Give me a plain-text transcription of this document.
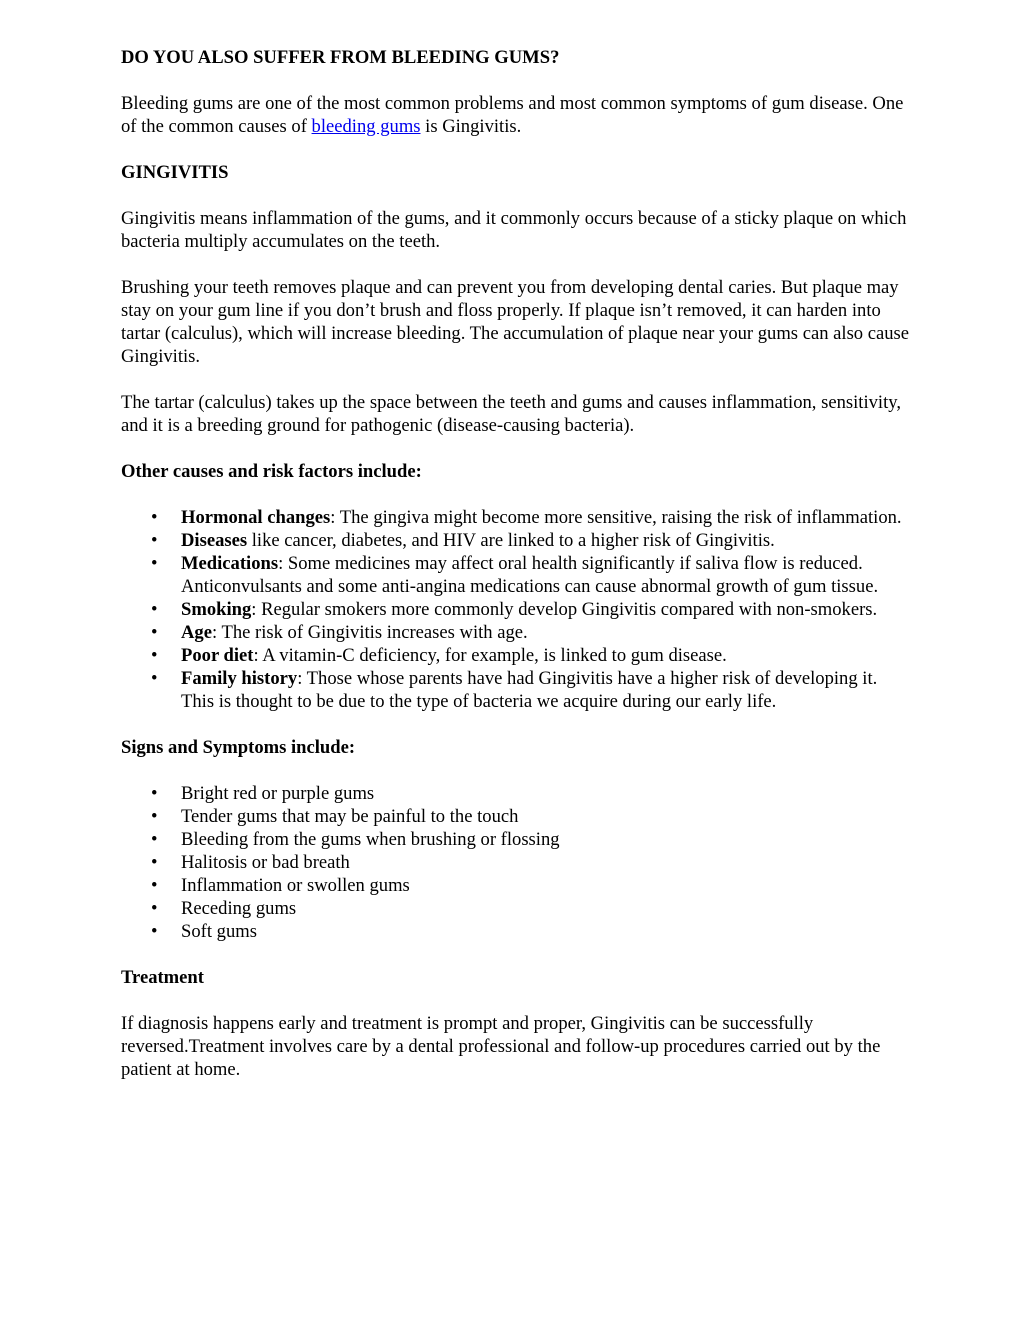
DO YOU ALSO SUFFER FROM BLEEDING GUMS?

Bleeding gums are one of the most common problems and most common symptoms of gum disease. One of the common causes of bleeding gums is Gingivitis.

GINGIVITIS

Gingivitis means inflammation of the gums, and it commonly occurs because of a sticky plaque on which bacteria multiply accumulates on the teeth.

Brushing your teeth removes plaque and can prevent you from developing dental caries. But plaque may stay on your gum line if you don’t brush and floss properly. If plaque isn’t removed, it can harden into tartar (calculus), which will increase bleeding. The accumulation of plaque near your gums can also cause Gingivitis.

The tartar (calculus) takes up the space between the teeth and gums and causes inflammation, sensitivity, and it is a breeding ground for pathogenic (disease-causing bacteria).

Other causes and risk factors include:
•	Hormonal changes: The gingiva might become more sensitive, raising the risk of inflammation.
•	Diseases like cancer, diabetes, and HIV are linked to a higher risk of Gingivitis.
•	Medications: Some medicines may affect oral health significantly if saliva flow is reduced. Anticonvulsants and some anti-angina medications can cause abnormal growth of gum tissue.
•	Smoking: Regular smokers more commonly develop Gingivitis compared with non-smokers.
•	Age: The risk of Gingivitis increases with age.
•	Poor diet: A vitamin-C deficiency, for example, is linked to gum disease.
•	Family history: Those whose parents have had Gingivitis have a higher risk of developing it. This is thought to be due to the type of bacteria we acquire during our early life.
Signs and Symptoms include:
•	Bright red or purple gums
•	Tender gums that may be painful to the touch
•	Bleeding from the gums when brushing or flossing
•	Halitosis or bad breath
•	Inflammation or swollen gums
•	Receding gums
•	Soft gums
Treatment

If diagnosis happens early and treatment is prompt and proper, Gingivitis can be successfully reversed.Treatment involves care by a dental professional and follow-up procedures carried out by the patient at home.
